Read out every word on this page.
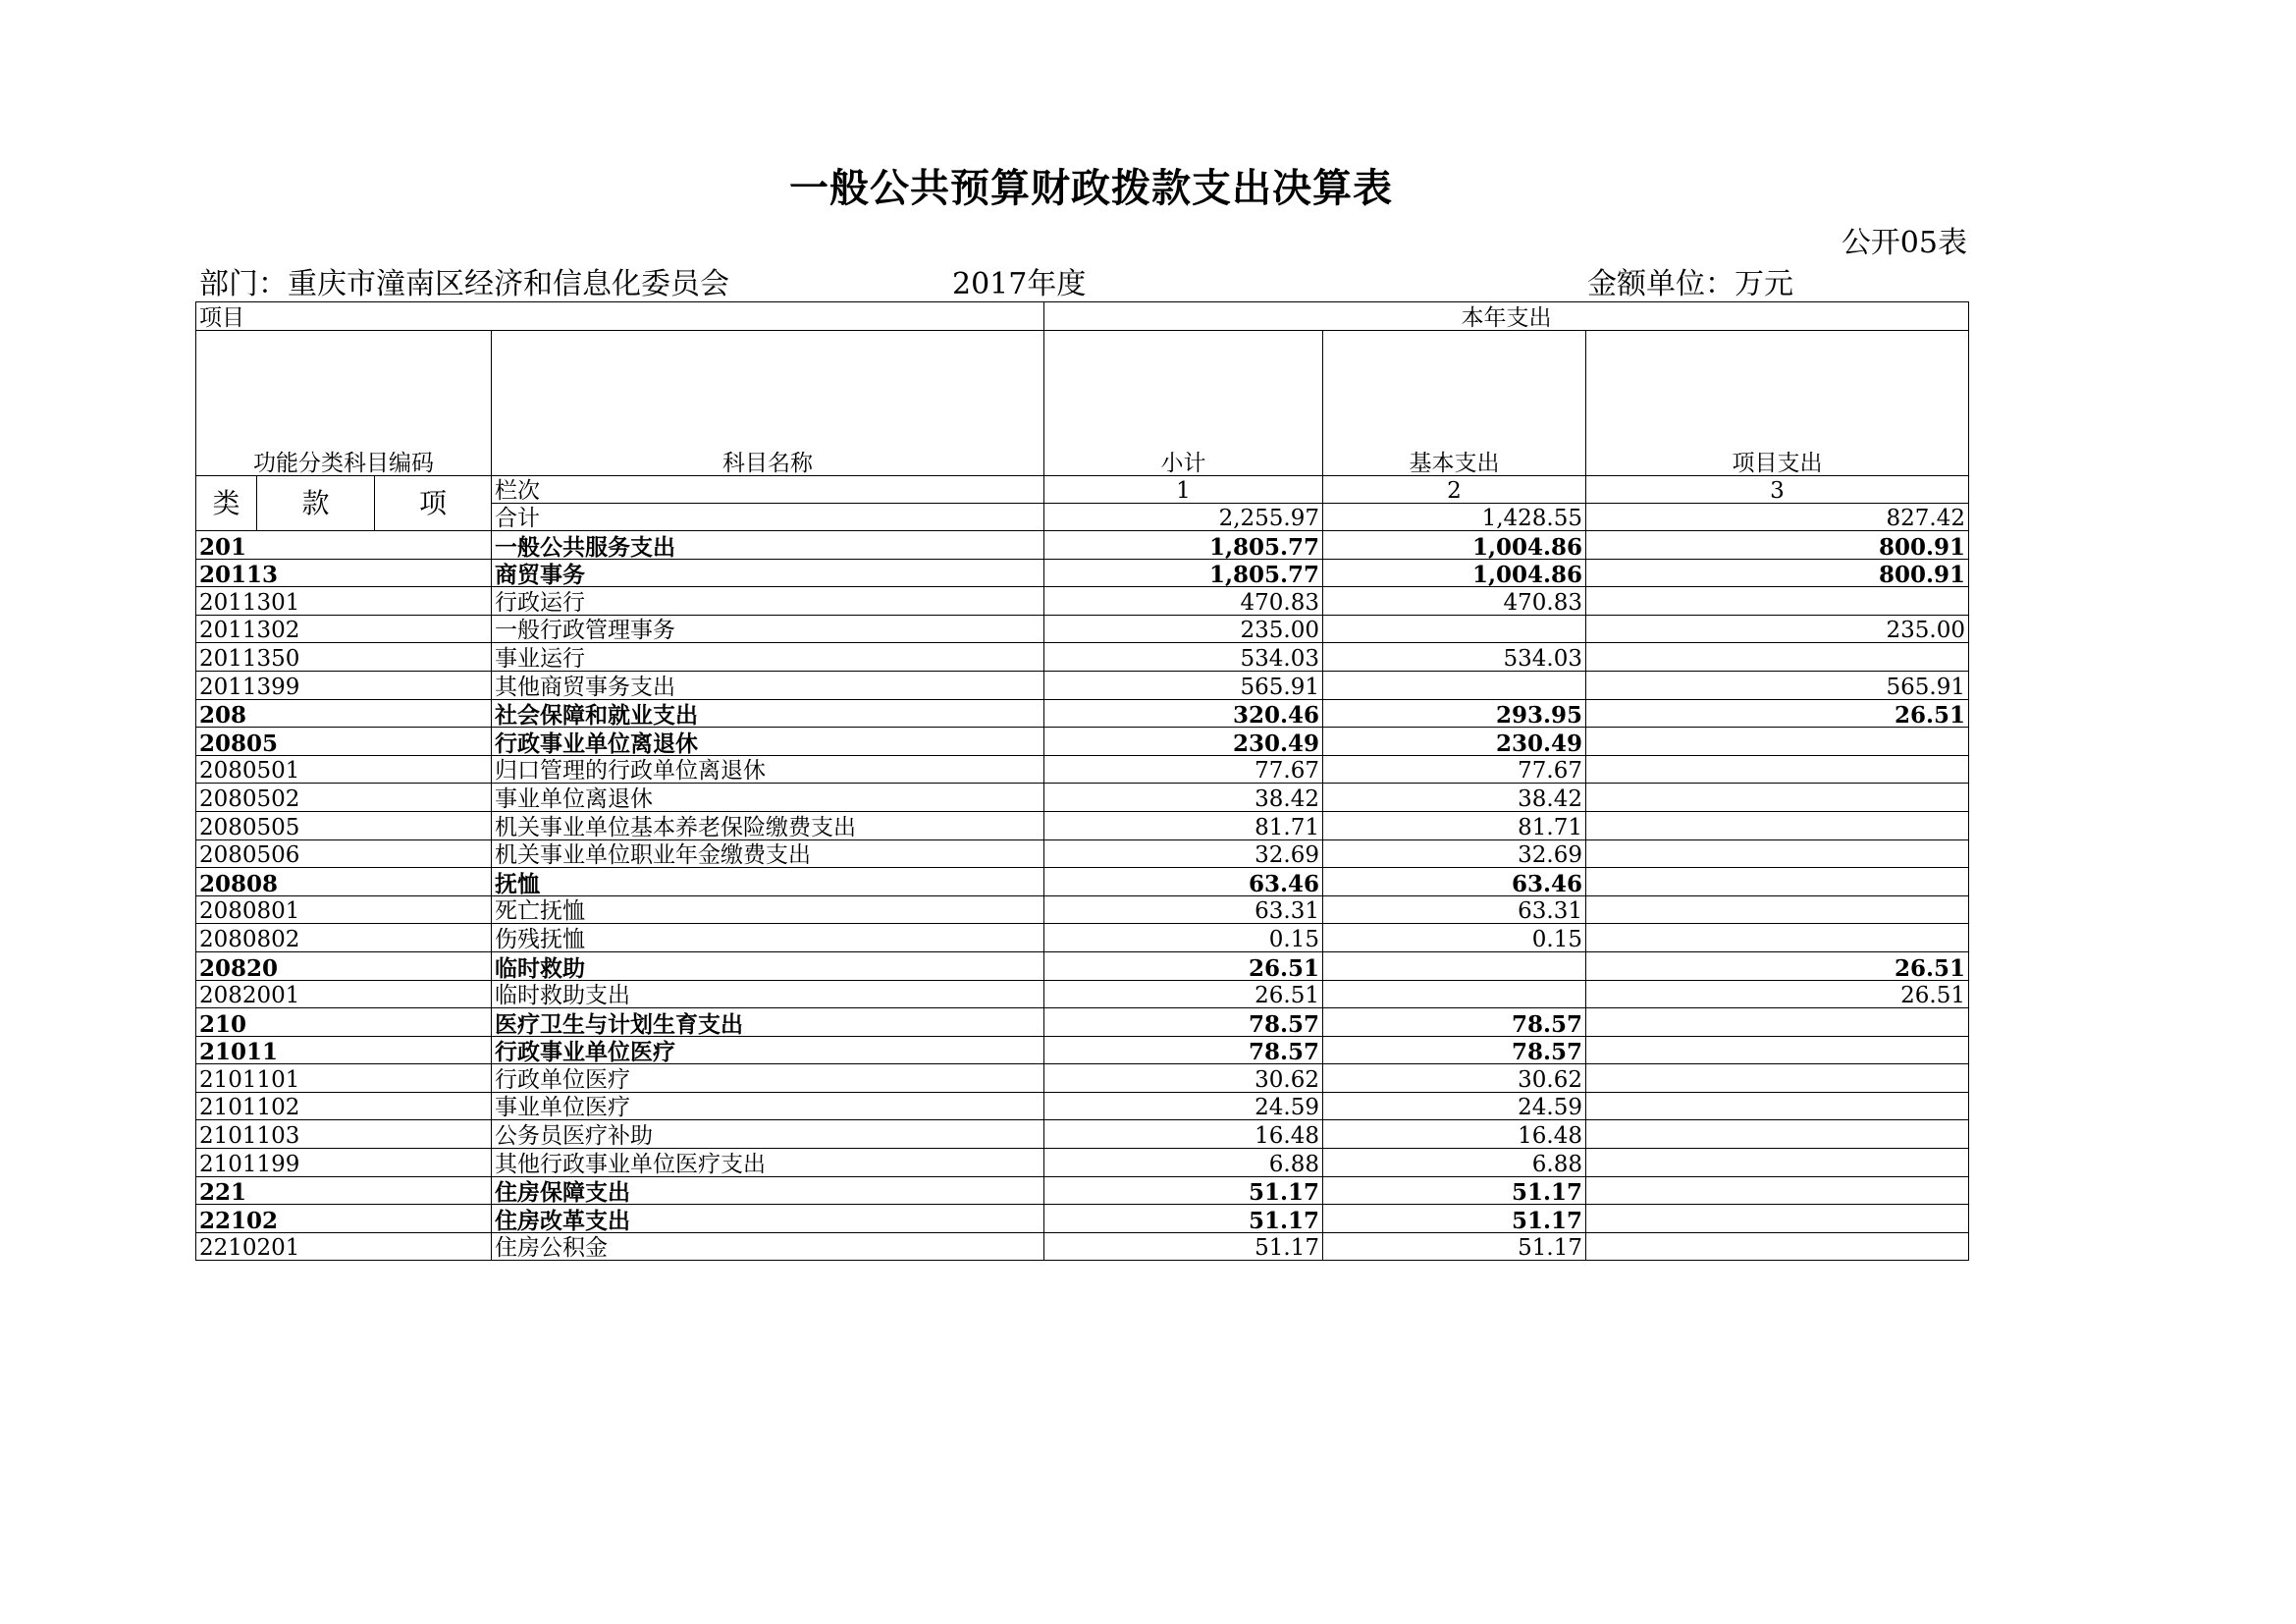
一般公共预算财政拨款支出决算表
公开05表
部门：重庆市潼南区经济和信息化委员会	2017年度	金额单位：万元
项目				本年支出		
功能分类科目编码			科目名称	小计	基本支出	项目支出
类	款	项	栏次	1	2	3
			合计	2,255.97	1,428.55	827.42
201			一般公共服务支出	1,805.77	1,004.86	800.91
20113			商贸事务	1,805.77	1,004.86	800.91
2011301			行政运行	470.83	470.83	
2011302			一般行政管理事务	235.00		235.00
2011350			事业运行	534.03	534.03	
2011399			其他商贸事务支出	565.91		565.91
208			社会保障和就业支出	320.46	293.95	26.51
20805			行政事业单位离退休	230.49	230.49	
2080501			归口管理的行政单位离退休	77.67	77.67	
2080502			事业单位离退休	38.42	38.42	
2080505			机关事业单位基本养老保险缴费支出	81.71	81.71	
2080506			机关事业单位职业年金缴费支出	32.69	32.69	
20808			抚恤	63.46	63.46	
2080801			死亡抚恤	63.31	63.31	
2080802			伤残抚恤	0.15	0.15	
20820			临时救助	26.51		26.51
2082001			临时救助支出	26.51		26.51
210			医疗卫生与计划生育支出	78.57	78.57	
21011			行政事业单位医疗	78.57	78.57	
2101101			行政单位医疗	30.62	30.62	
2101102			事业单位医疗	24.59	24.59	
2101103			公务员医疗补助	16.48	16.48	
2101199			其他行政事业单位医疗支出	6.88	6.88	
221			住房保障支出	51.17	51.17	
22102			住房改革支出	51.17	51.17	
2210201			住房公积金	51.17	51.17	
